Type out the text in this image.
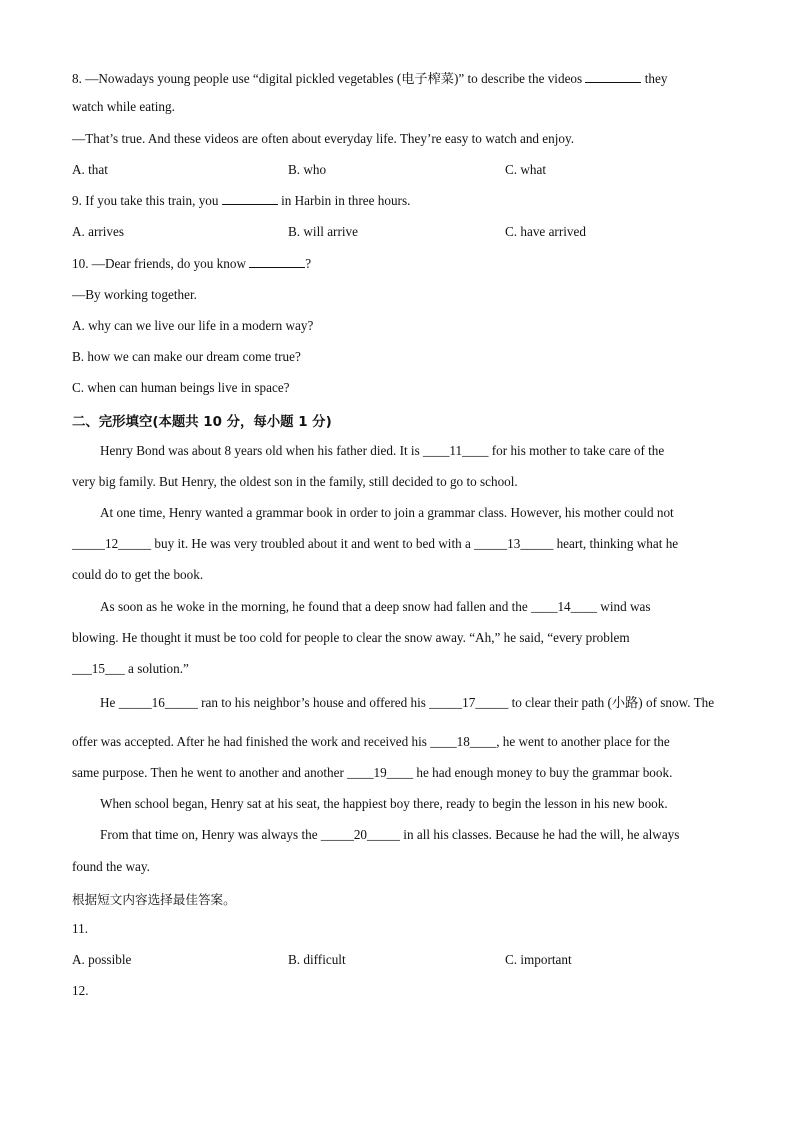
8. —Nowadays young people use “digital pickled vegetables (电子榨菜)” to describe the videos	they
watch while eating.
—That’s true. And these videos are often about everyday life. They’re easy to watch and enjoy.
A. that	B. who	C. what
9. If you take this train, you	in Harbin in three hours.
A. arrives	B. will arrive	C. have arrived
10. —Dear friends, do you know	?
—By working together.
A. why can we live our life in a modern way?
B. how we can make our dream come true?
C. when can human beings live in space?
二、完形填空(本题共 10 分，每小题 1 分)
Henry Bond was about 8 years old when his father died. It is ____11____ for his mother to take care of the
very big family. But Henry, the oldest son in the family, still decided to go to school.
At one time, Henry wanted a grammar book in order to join a grammar class. However, his mother could not
_____12_____ buy it. He was very troubled about it and went to bed with a _____13_____ heart, thinking what he
could do to get the book.
As soon as he woke in the morning, he found that a deep snow had fallen and the ____14____ wind was
blowing. He thought it must be too cold for people to clear the snow away. “Ah,” he said, “every problem
___15___ a solution.”
He _____16_____ ran to his neighbor’s house and offered his _____17_____ to clear their path (小路) of snow. The
offer was accepted. After he had finished the work and received his ____18____, he went to another place for the
same purpose. Then he went to another and another ____19____ he had enough money to buy the grammar book.
When school began, Henry sat at his seat, the happiest boy there, ready to begin the lesson in his new book.
From that time on, Henry was always the _____20_____ in all his classes. Because he had the will, he always
found the way.
根据短文内容选择最佳答案。
11.
A. possible	B. difficult	C. important
12.
